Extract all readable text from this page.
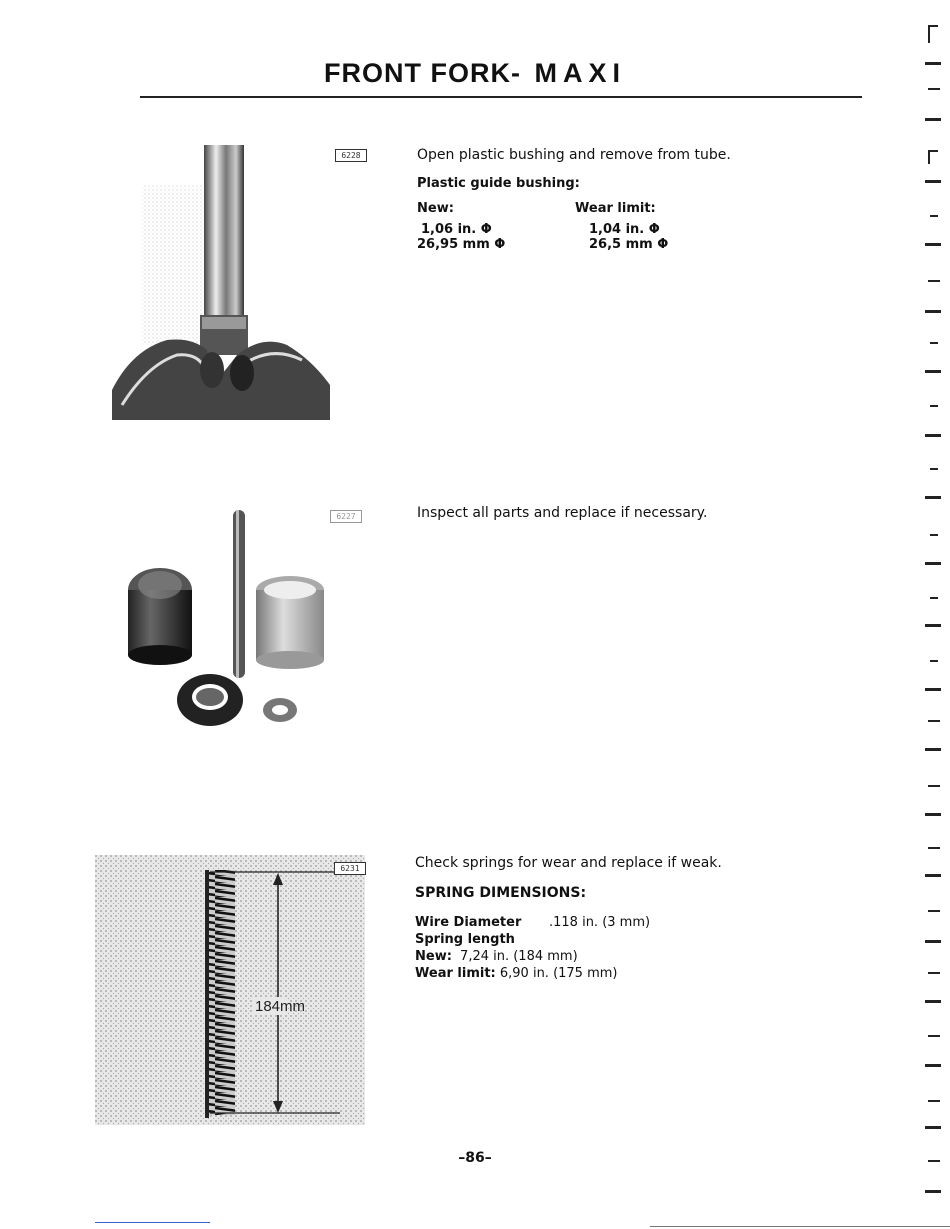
FRONT FORK- MAXI
6228	Open plastic bushing and remove from tube.

Plastic guide bushing:

New:	Wear limit:
1,06 in. Φ	1,04 in. Φ
26,95 mm Φ	26,5 mm Φ
6227	Inspect all parts and replace if necessary.

184mm
6231	Check springs for wear and replace if weak.

SPRING DIMENSIONS:

Wire Diameter .118 in. (3 mm)
Spring length
New: 7,24 in. (184 mm)
Wear limit: 6,90 in. (175 mm)
–86–
